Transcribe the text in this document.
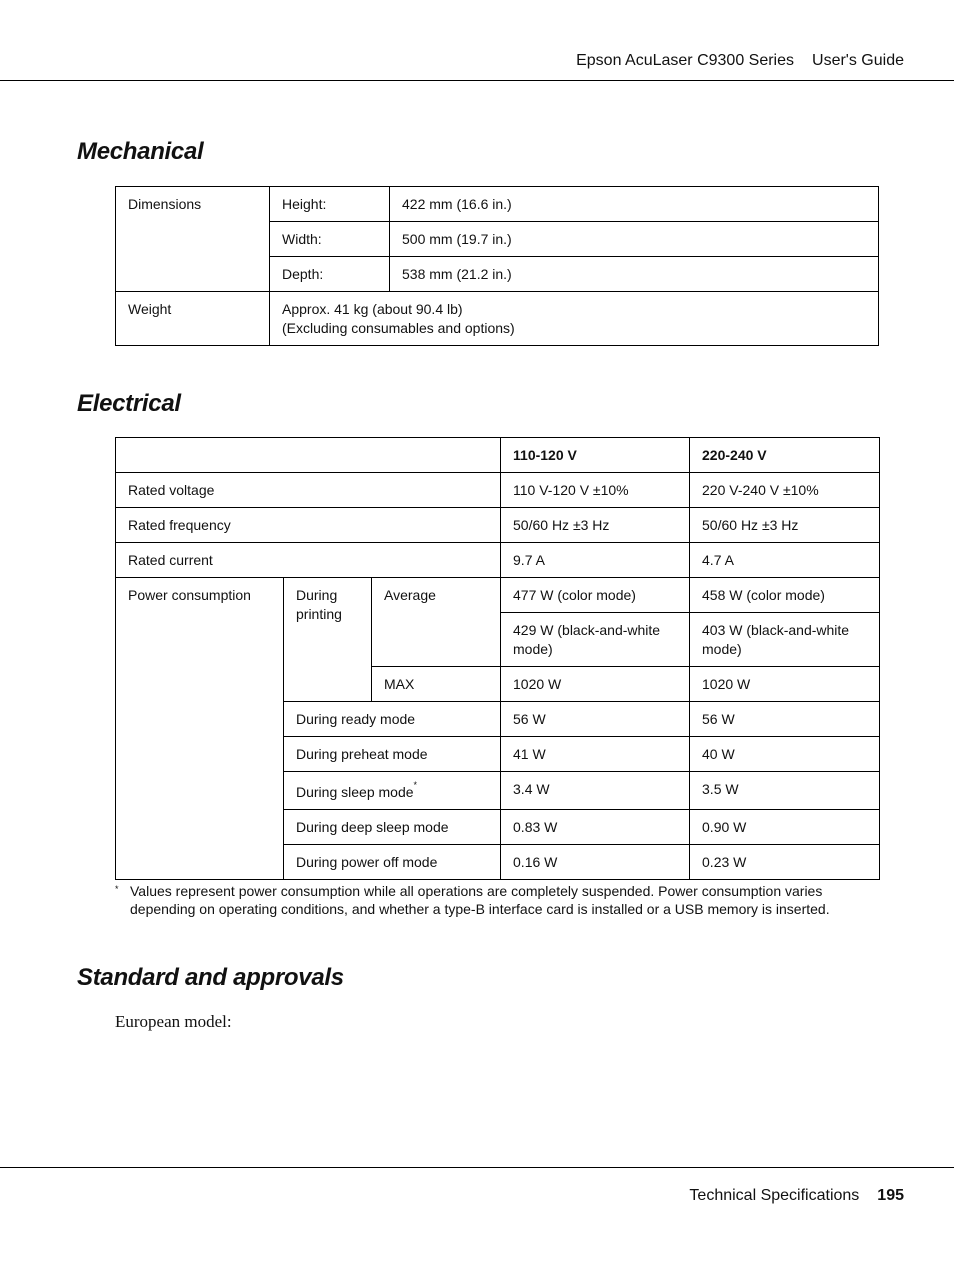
Epson AcuLaser C9300 Series User's Guide
Mechanical
Dimensions	Height:	422 mm (16.6 in.)
	Width:	500 mm (19.7 in.)
	Depth:	538 mm (21.2 in.)
Weight	Approx. 41 kg (about 90.4 lb)
(Excluding consumables and options)	
Electrical
			110-120 V	220-240 V
Rated voltage			110 V-120 V ±10%	220 V-240 V ±10%
Rated frequency			50/60 Hz ±3 Hz	50/60 Hz ±3 Hz
Rated current			9.7 A	4.7 A
Power consumption	During printing	Average	477 W (color mode)	458 W (color mode)
			429 W (black-and-white mode)	403 W (black-and-white mode)
		MAX	1020 W	1020 W
	During ready mode		56 W	56 W
	During preheat mode		41 W	40 W
	During sleep mode*		3.4 W	3.5 W
	During deep sleep mode		0.83 W	0.90 W
	During power off mode		0.16 W	0.23 W
* Values represent power consumption while all operations are completely suspended. Power consumption varies depending on operating conditions, and whether a type-B interface card is installed or a USB memory is inserted.
Standard and approvals
European model:
Technical Specifications 195
